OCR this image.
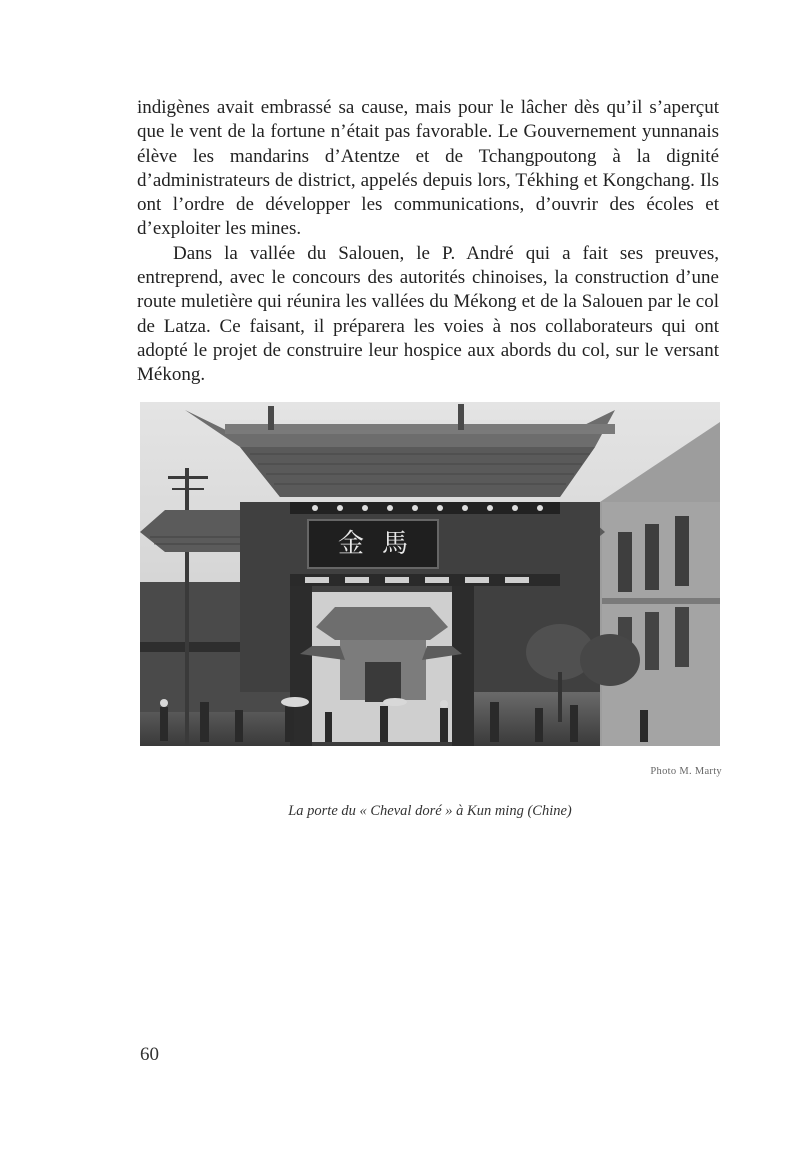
indigènes avait embrassé sa cause, mais pour le lâcher dès qu’il s’aperçut que le vent de la fortune n’était pas favorable. Le Gouvernement yunnanais élève les mandarins d’Atentze et de Tchangpoutong à la dignité d’administrateurs de district, appelés depuis lors, Tékhing et Kongchang. Ils ont l’ordre de développer les communications, d’ouvrir des écoles et d’exploiter les mines.

Dans la vallée du Salouen, le P. André qui a fait ses preuves, entreprend, avec le concours des autorités chinoises, la construction d’une route muletière qui réunira les vallées du Mékong et de la Salouen par le col de Latza. Ce faisant, il préparera les voies à nos collaborateurs qui ont adopté le projet de construire leur hospice aux abords du col, sur le versant Mékong.

金馬
Photo M. Marty
La porte du « Cheval doré » à Kun ming (Chine)
60
